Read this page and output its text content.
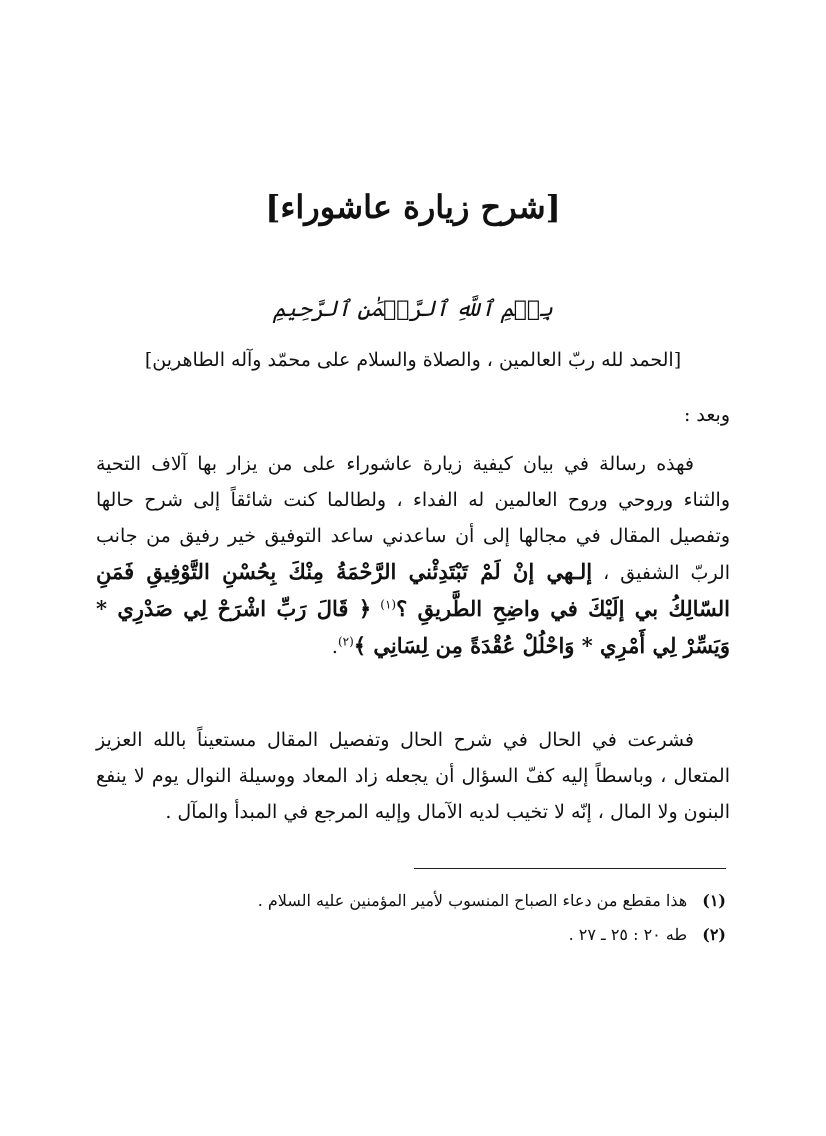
[شرح زيارة عاشوراء]
بِسۡمِ ٱللَّهِ ٱلرَّحۡمَٰنِ ٱلرَّحِيمِ
[الحمد لله ربّ العالمين ، والصلاة والسلام على محمّد وآله الطاهرين]
وبعد :

فهذه رسالة في بيان كيفية زيارة عاشوراء على من يزار بها آلاف التحية والثناء وروحي وروح العالمين له الفداء ، ولطالما كنت شائقاً إلى شرح حالها وتفصيل المقال في مجالها إلى أن ساعدني ساعد التوفيق خير رفيق من جانب الربّ الشفيق ، إلـهي إنْ لَمْ تَبْتَدِئْني الرَّحْمَةُ مِنْكَ بِحُسْنِ التَّوْفِيقِ فَمَنِ السّالِكُ بي إلَيْكَ في واضِحِ الطَّريقِ ؟$^{(١)}$ ﴿ قَالَ رَبِّ اشْرَحْ لِي صَدْرِي * وَيَسِّرْ لِي أَمْرِي * وَاحْلُلْ عُقْدَةً مِن لِسَانِي ﴾$^{(٢)}$.

فشرعت في الحال في شرح الحال وتفصيل المقال مستعيناً بالله العزيز المتعال ، وباسطاً إليه كفّ السؤال أن يجعله زاد المعاد ووسيلة النوال يوم لا ينفع البنون ولا المال ، إنّه لا تخيب لديه الآمال وإليه المرجع في المبدأ والمآل .

(١) هذا مقطع من دعاء الصباح المنسوب لأمير المؤمنين عليه السلام .
(٢) طه ٢٠ : ٢٥ ـ ٢٧ .
